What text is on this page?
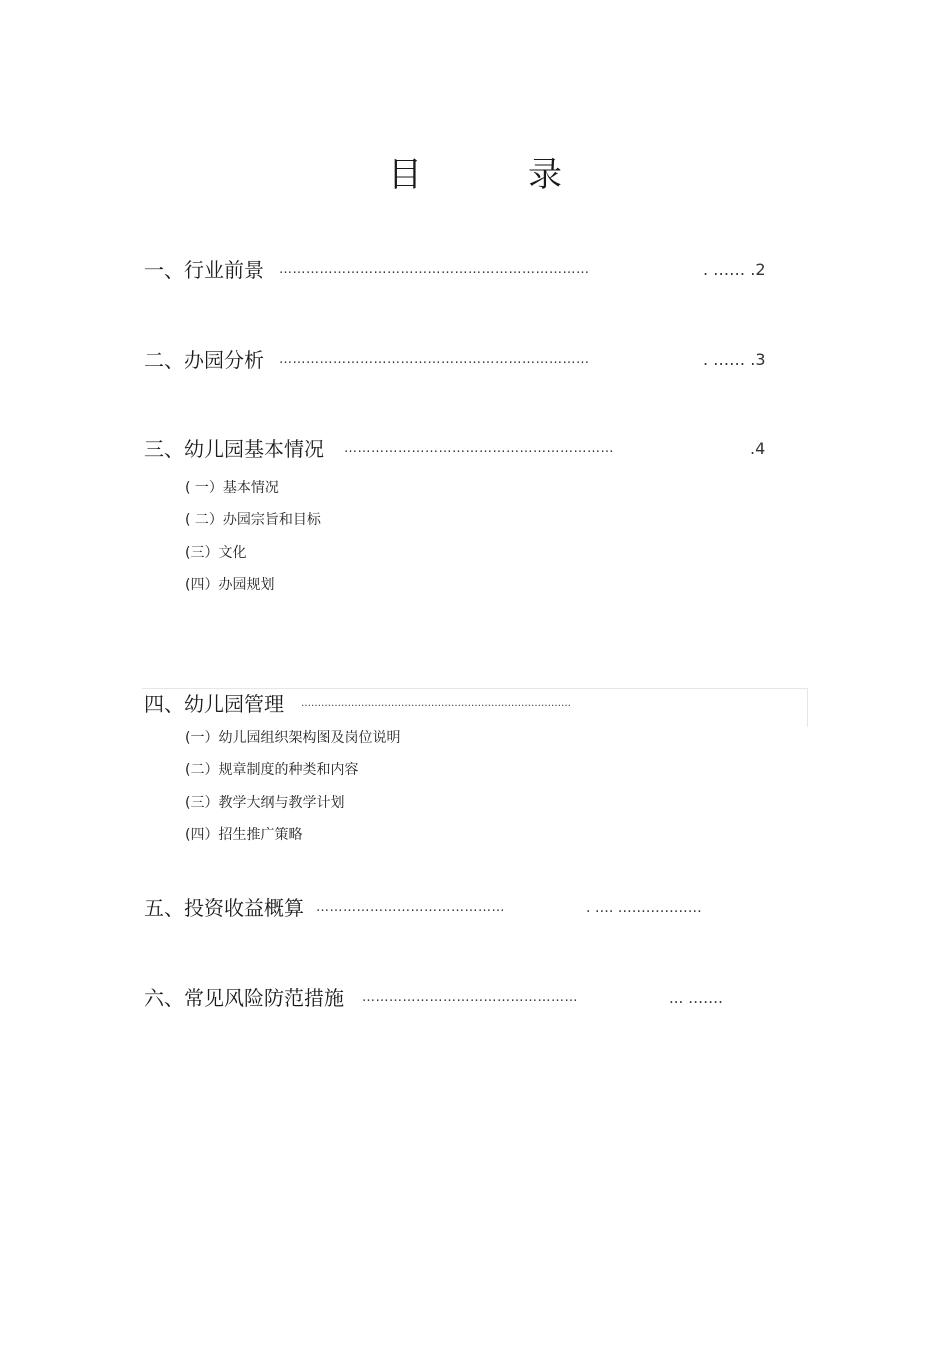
目	录
一、行业前景 ……………………………………………………………	. …… .2
二、办园分析 ……………………………………………………………	. …… .3
三、幼儿园基本情况 ……………………………………………………	.4
( 一）基本情况
( 二）办园宗旨和目标
(三）文化
(四）办园规划
四、幼儿园管理 ………………………………………………………………………
(一）幼儿园组织架构图及岗位说明
(二）规章制度的种类和内容
(三）教学大纲与教学计划
(四）招生推广策略
五、投资收益概算 ……………………………………	. …. ………………
六、常见风险防范措施 …………………………………………	... …….
